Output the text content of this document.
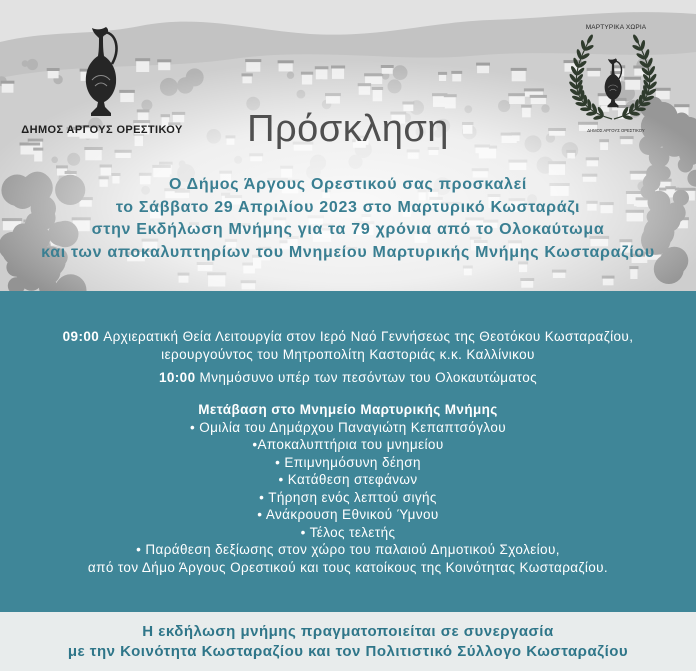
ΔΗΜΟΣ ΑΡΓΟΥΣ ΟΡΕΣΤΙΚΟΥ
ΜΑΡΤΥΡΙΚΑ ΧΩΡΙΑ
ΔΗΜΟΣ ΑΡΓΟΥΣ ΟΡΕΣΤΙΚΟΥ
Πρόσκληση
Ο Δήμος Άργους Ορεστικού σας προσκαλεί
το Σάββατο 29 Απριλίου 2023 στο Μαρτυρικό Κωσταράζι
στην Εκδήλωση Μνήμης για τα 79 χρόνια από το Ολοκαύτωμα
και των αποκαλυπτηρίων του Μνημείου Μαρτυρικής Μνήμης Κωσταραζίου
09:00 Αρχιερατική Θεία Λειτουργία στον Ιερό Ναό Γεννήσεως της Θεοτόκου Κωσταραζίου,
ιερουργούντος του Μητροπολίτη Καστοριάς κ.κ. Καλλίνικου
10:00 Μνημόσυνο υπέρ των πεσόντων του Ολοκαυτώματος
Μετάβαση στο Μνημείο Μαρτυρικής Μνήμης
• Ομιλία του Δημάρχου Παναγιώτη Κεπαπτσόγλου
•Αποκαλυπτήρια του μνημείου
• Επιμνημόσυνη δέηση
• Κατάθεση στεφάνων
• Τήρηση ενός λεπτού σιγής
• Ανάκρουση Εθνικού Ύμνου
• Τέλος τελετής
• Παράθεση δεξίωσης στον χώρο του παλαιού Δημοτικού Σχολείου,
από τον Δήμο Άργους Ορεστικού και τους κατοίκους της Κοινότητας Κωσταραζίου.
Η εκδήλωση μνήμης πραγματοποιείται σε συνεργασία
με την Κοινότητα Κωσταραζίου και τον Πολιτιστικό Σύλλογο Κωσταραζίου
